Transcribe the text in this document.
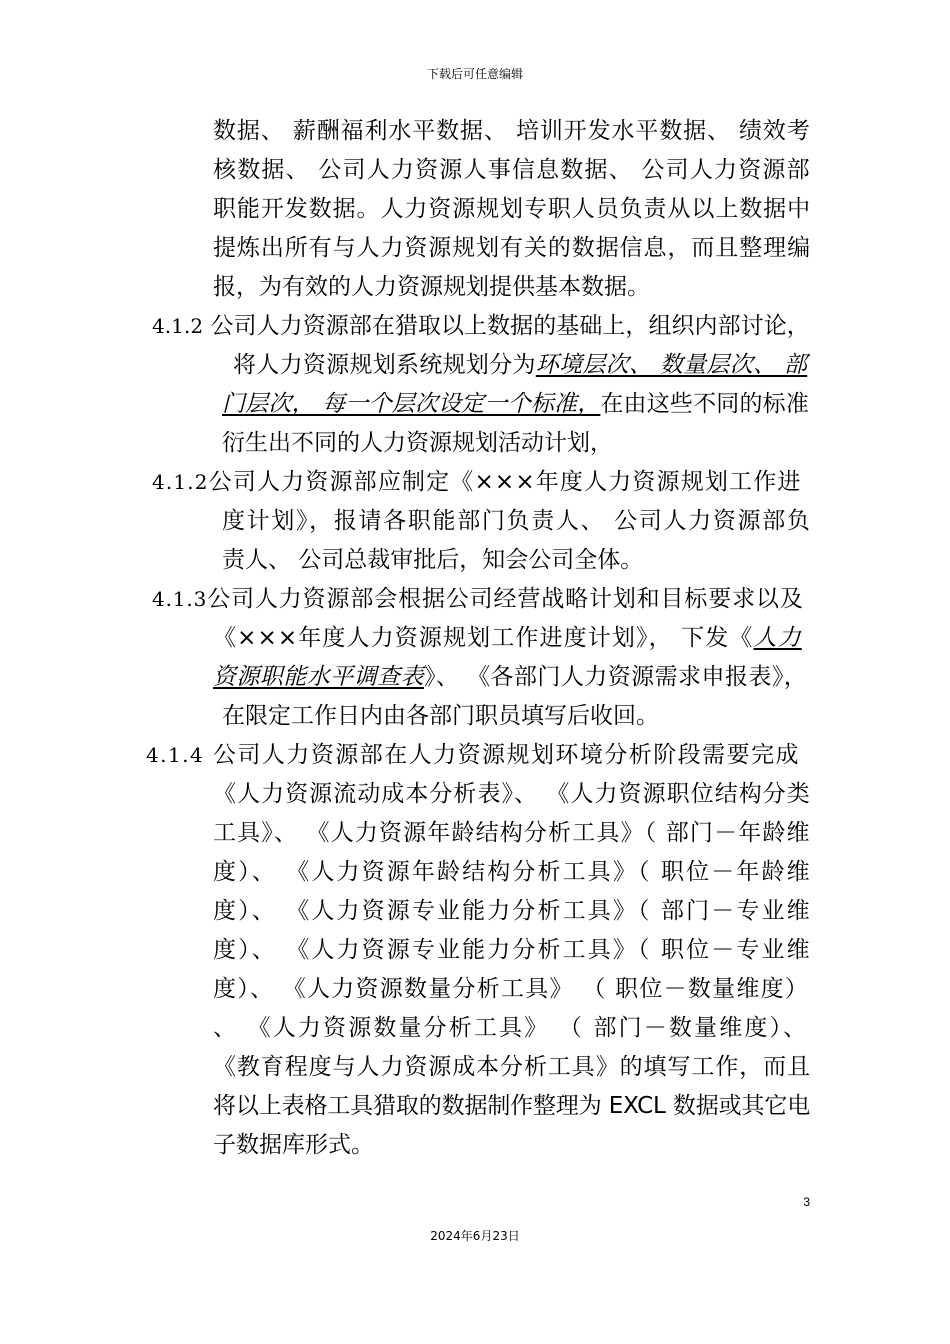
下载后可任意编辑
数据、 薪酬福利水平数据、 培训开发水平数据、 绩效考
核数据、 公司人力资源人事信息数据、 公司人力资源部
职能开发数据。人力资源规划专职人员负责从以上数据中
提炼出所有与人力资源规划有关的数据信息，而且整理编
报，为有效的人力资源规划提供基本数据。
4.1.2 公司人力资源部在猎取以上数据的基础上，组织内部讨论，
将人力资源规划系统规划分为环境层次、 数量层次、 部
门层次， 每一个层次设定一个标准，在由这些不同的标准
衍生出不同的人力资源规划活动计划，
4.1.2公司人力资源部应制定《×××年度人力资源规划工作进
度计划》，报请各职能部门负责人、 公司人力资源部负
责人、 公司总裁审批后，知会公司全体。
4.1.3公司人力资源部会根据公司经营战略计划和目标要求以及
《×××年度人力资源规划工作进度计划》， 下发《人力
资源职能水平调查表》、 《各部门人力资源需求申报表》，
在限定工作日内由各部门职员填写后收回。
4.1.4 公司人力资源部在人力资源规划环境分析阶段需要完成
《人力资源流动成本分析表》、 《人力资源职位结构分类
工具》、 《人力资源年龄结构分析工具》（ 部门－年龄维
度）、 《人力资源年龄结构分析工具》（ 职位－年龄维
度）、 《人力资源专业能力分析工具》（ 部门－专业维
度）、 《人力资源专业能力分析工具》（ 职位－专业维
度）、 《人力资源数量分析工具》 （ 职位－数量维度）
、 《人力资源数量分析工具》 （ 部门－数量维度）、
《教育程度与人力资源成本分析工具》的填写工作，而且
将以上表格工具猎取的数据制作整理为 EXCL 数据或其它电
子数据库形式。
3
2024年6月23日
